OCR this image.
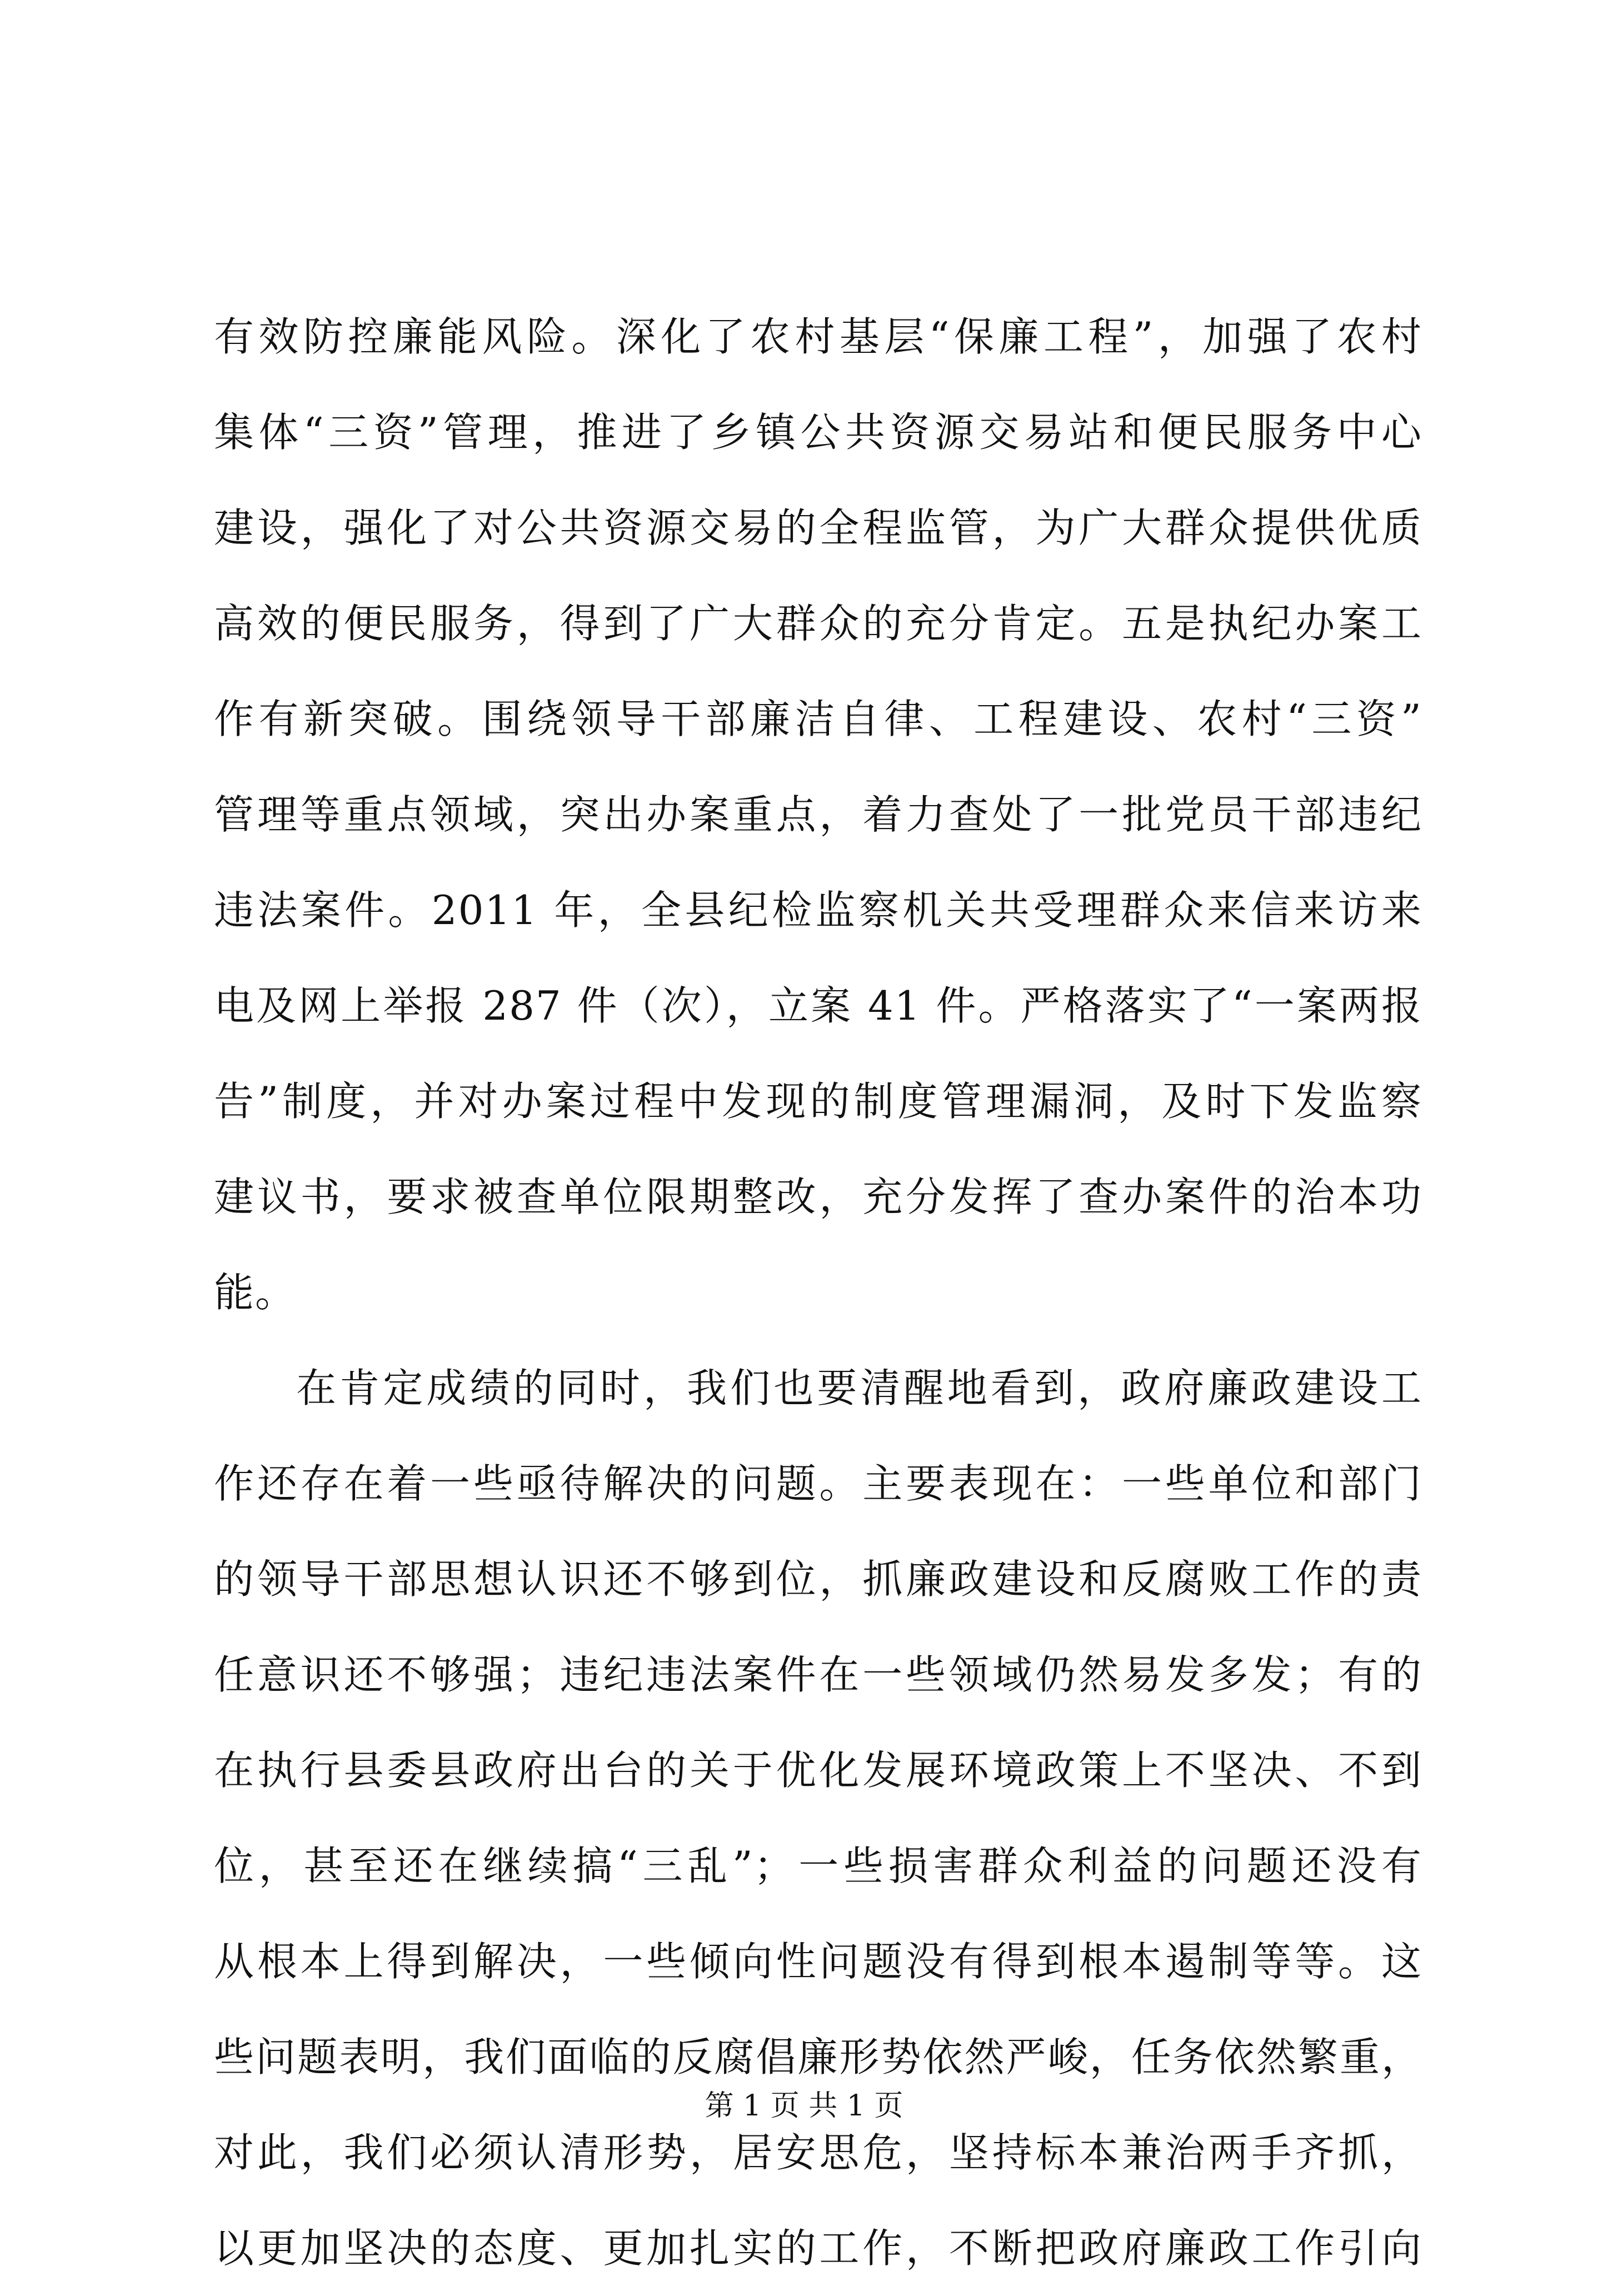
有效防控廉能风险。深化了农村基层“保廉工程”，加强了农村
集体“三资”管理，推进了乡镇公共资源交易站和便民服务中心
建设，强化了对公共资源交易的全程监管，为广大群众提供优质
高效的便民服务，得到了广大群众的充分肯定。五是执纪办案工
作有新突破。围绕领导干部廉洁自律、工程建设、农村“三资”
管理等重点领域，突出办案重点，着力查处了一批党员干部违纪
违法案件。2011 年，全县纪检监察机关共受理群众来信来访来
电及网上举报 287 件（次），立案 41 件。严格落实了“一案两报
告”制度，并对办案过程中发现的制度管理漏洞，及时下发监察
建议书，要求被查单位限期整改，充分发挥了查办案件的治本功
能。
在肯定成绩的同时，我们也要清醒地看到，政府廉政建设工
作还存在着一些亟待解决的问题。主要表现在：一些单位和部门
的领导干部思想认识还不够到位，抓廉政建设和反腐败工作的责
任意识还不够强；违纪违法案件在一些领域仍然易发多发；有的
在执行县委县政府出台的关于优化发展环境政策上不坚决、不到
位，甚至还在继续搞“三乱”；一些损害群众利益的问题还没有
从根本上得到解决，一些倾向性问题没有得到根本遏制等等。这
些问题表明，我们面临的反腐倡廉形势依然严峻，任务依然繁重，
对此，我们必须认清形势，居安思危，坚持标本兼治两手齐抓，
以更加坚决的态度、更加扎实的工作，不断把政府廉政工作引向
第 1 页 共 1 页
